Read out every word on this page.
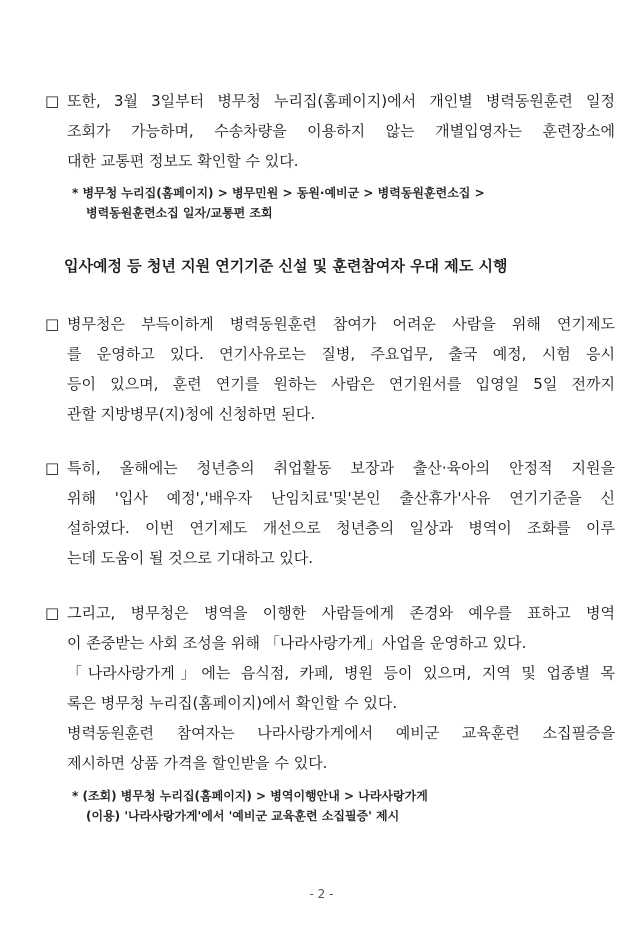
□ 또한, 3월 3일부터 병무청 누리집(홈페이지)에서 개인별 병력동원훈련 일정
조회가 가능하며, 수송차량을 이용하지 않는 개별입영자는 훈련장소에
대한 교통편 정보도 확인할 수 있다.
* 병무청 누리집(홈페이지) > 병무민원 > 동원·예비군 > 병력동원훈련소집 >
병력동원훈련소집 일자/교통편 조회
입사예정 등 청년 지원 연기기준 신설 및 훈련참여자 우대 제도 시행
□ 병무청은 부득이하게 병력동원훈련 참여가 어려운 사람을 위해 연기제도
를 운영하고 있다. 연기사유로는 질병, 주요업무, 출국 예정, 시험 응시
등이 있으며, 훈련 연기를 원하는 사람은 연기원서를 입영일 5일 전까지
관할 지방병무(지)청에 신청하면 된다.
□ 특히, 올해에는 청년층의 취업활동 보장과 출산·육아의 안정적 지원을
위해 '입사 예정','배우자 난임치료'및'본인 출산휴가'사유 연기기준을 신
설하였다. 이번 연기제도 개선으로 청년층의 일상과 병역이 조화를 이루
는데 도움이 될 것으로 기대하고 있다.
□ 그리고, 병무청은 병역을 이행한 사람들에게 존경와 예우를 표하고 병역
이 존중받는 사회 조성을 위해 「나라사랑가게」사업을 운영하고 있다.
「나라사랑가게」에는 음식점, 카페, 병원 등이 있으며, 지역 및 업종별 목
록은 병무청 누리집(홈페이지)에서 확인할 수 있다.
병력동원훈련 참여자는 나라사랑가게에서 예비군 교육훈련 소집필증을
제시하면 상품 가격을 할인받을 수 있다.
* (조회) 병무청 누리집(홈페이지) > 병역이행안내 > 나라사랑가게
(이용) '나라사랑가게'에서 '예비군 교육훈련 소집필증' 제시
- 2 -
